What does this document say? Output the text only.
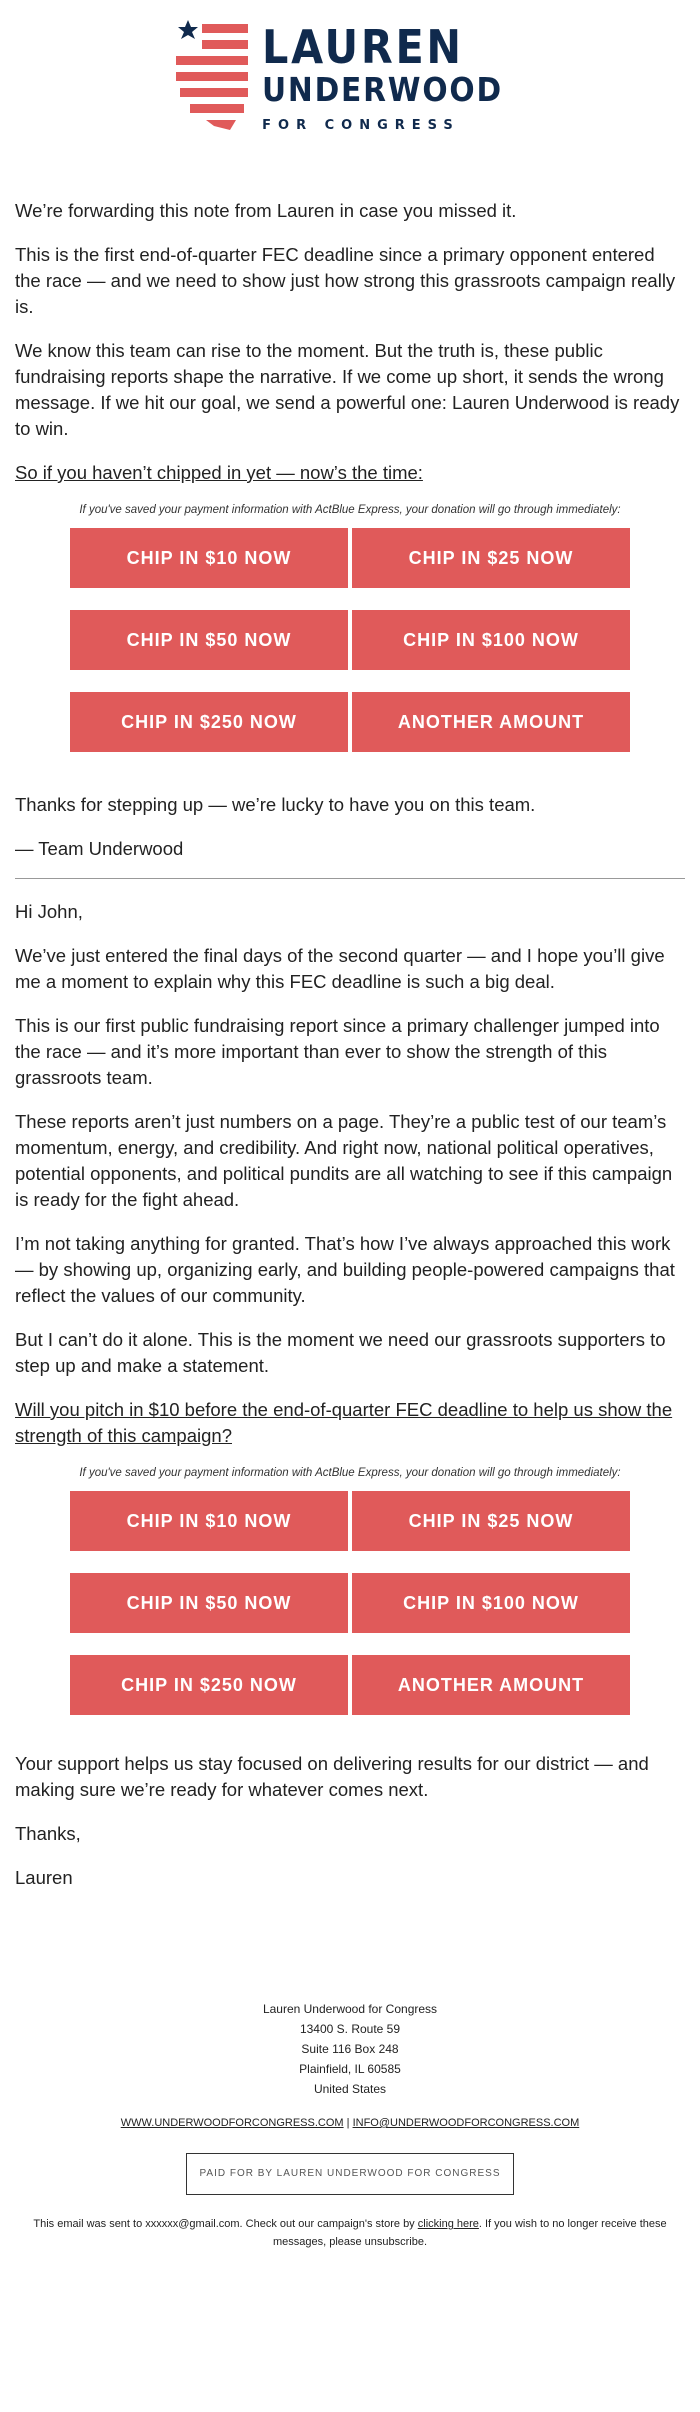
LAUREN
UNDERWOOD
FOR CONGRESS

We’re forwarding this note from Lauren in case you missed it.

This is the first end-of-quarter FEC deadline since a primary opponent entered the race — and we need to show just how strong this grassroots campaign really is.

We know this team can rise to the moment. But the truth is, these public fundraising reports shape the narrative. If we come up short, it sends the wrong message. If we hit our goal, we send a powerful one: Lauren Underwood is ready to win.

So if you haven’t chipped in yet — now’s the time:

If you've saved your payment information with ActBlue Express, your donation will go through immediately:
CHIP IN $10 NOW	CHIP IN $25 NOW
CHIP IN $50 NOW	CHIP IN $100 NOW
CHIP IN $250 NOW	ANOTHER AMOUNT

Thanks for stepping up — we’re lucky to have you on this team.

— Team Underwood

Hi John,

We’ve just entered the final days of the second quarter — and I hope you’ll give me a moment to explain why this FEC deadline is such a big deal.

This is our first public fundraising report since a primary challenger jumped into the race — and it’s more important than ever to show the strength of this grassroots team.

These reports aren’t just numbers on a page. They’re a public test of our team’s momentum, energy, and credibility. And right now, national political operatives, potential opponents, and political pundits are all watching to see if this campaign is ready for the fight ahead.

I’m not taking anything for granted. That’s how I’ve always approached this work — by showing up, organizing early, and building people-powered campaigns that reflect the values of our community.

But I can’t do it alone. This is the moment we need our grassroots supporters to step up and make a statement.

Will you pitch in $10 before the end-of-quarter FEC deadline to help us show the strength of this campaign?

If you've saved your payment information with ActBlue Express, your donation will go through immediately:
CHIP IN $10 NOW	CHIP IN $25 NOW
CHIP IN $50 NOW	CHIP IN $100 NOW
CHIP IN $250 NOW	ANOTHER AMOUNT

Your support helps us stay focused on delivering results for our district — and making sure we’re ready for whatever comes next.

Thanks,

Lauren

Lauren Underwood for Congress
13400 S. Route 59
Suite 116 Box 248
Plainfield, IL 60585
United States
WWW.UNDERWOODFORCONGRESS.COM | INFO@UNDERWOODFORCONGRESS.COM
PAID FOR BY LAUREN UNDERWOOD FOR CONGRESS
This email was sent to xxxxxx@gmail.com. Check out our campaign's store by clicking here. If you wish to no longer receive these messages, please unsubscribe.
